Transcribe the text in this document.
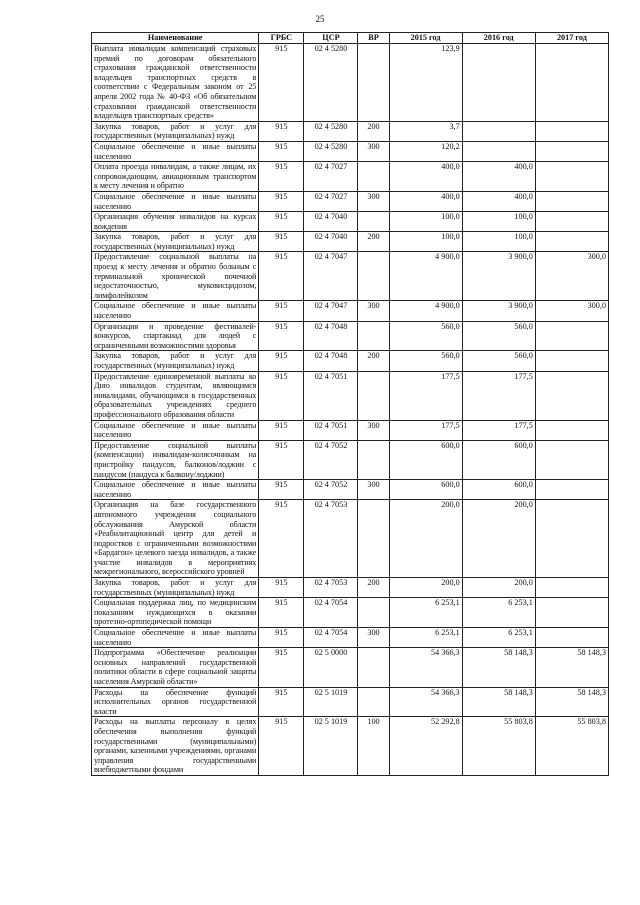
25
Наименование	ГРБС	ЦСР	ВР	2015 год	2016 год	2017 год
Выплата инвалидам компенсаций страховых премий по договорам обязательного страхования гражданской ответственности владельцев транспортных средств в соответствии с Федеральным законом от 25 апреля 2002 года № 40-ФЗ «Об обязательном страховании гражданской ответственности владельцев транспортных средств»	915	02 4 5280		123,9		
Закупка товаров, работ и услуг для государственных (муниципальных) нужд	915	02 4 5280	200	3,7		
Социальное обеспечение и иные выплаты населению	915	02 4 5280	300	120,2		
Оплата проезда инвалидам, а также лицам, их сопровождающим, авиационным транспортом к месту лечения и обратно	915	02 4 7027		400,0	400,0	
Социальное обеспечение и иные выплаты населению	915	02 4 7027	300	400,0	400,0	
Организация обучения инвалидов на курсах вождения	915	02 4 7040		100,0	100,0	
Закупка товаров, работ и услуг для государственных (муниципальных) нужд	915	02 4 7040	200	100,0	100,0	
Предоставление социальной выплаты на проезд к месту лечения и обратно больным с терминальной хронической почечной недостаточностью, муковисцидозом, лимфолейкозом	915	02 4 7047		4 900,0	3 900,0	300,0
Социальное обеспечение и иные выплаты населению	915	02 4 7047	300	4 900,0	3 900,0	300,0
Организация и проведение фестивалей-конкурсов, спартакиад для людей с ограниченными возможностями здоровья	915	02 4 7048		560,0	560,0	
Закупка товаров, работ и услуг для государственных (муниципальных) нужд	915	02 4 7048	200	560,0	560,0	
Предоставление единовременной выплаты ко Дню инвалидов студентам, являющимся инвалидами, обучающимся в государственных образовательных учреждениях среднего профессионального образования области	915	02 4 7051		177,5	177,5	
Социальное обеспечение и иные выплаты населению	915	02 4 7051	300	177,5	177,5	
Предоставление социальной выплаты (компенсации) инвалидам-колясочникам на пристройку пандусов, балконов/лоджии с пандусом (пандуса к балкону/лоджии)	915	02 4 7052		600,0	600,0	
Социальное обеспечение и иные выплаты населению	915	02 4 7052	300	600,0	600,0	
Организация на базе государственного автономного учреждения социального обслуживания Амурской области «Реабилитационный центр для детей и подростков с ограниченными возможностями «Бардагон» целевого заезда инвалидов, а также участие инвалидов в мероприятиях межрегионального, всероссийского уровней	915	02 4 7053		200,0	200,0	
Закупка товаров, работ и услуг для государственных (муниципальных) нужд	915	02 4 7053	200	200,0	200,0	
Социальная поддержка лиц, по медицинским показаниям нуждающихся в оказании протезно-ортопедической помощи	915	02 4 7054		6 253,1	6 253,1	
Социальное обеспечение и иные выплаты населению	915	02 4 7054	300	6 253,1	6 253,1	
Подпрограмма «Обеспечение реализации основных направлений государственной политики области в сфере социальной защиты населения Амурской области»	915	02 5 0000		54 366,3	58 148,3	58 148,3
Расходы на обеспечение функций исполнительных органов государственной власти	915	02 5 1019		54 366,3	58 148,3	58 148,3
Расходы на выплаты персоналу в целях обеспечения выполнения функций государственными (муниципальными) органами, казенными учреждениями, органами управления государственными внебюджетными фондами	915	02 5 1019	100	52 292,8	55 803,8	55 803,8
